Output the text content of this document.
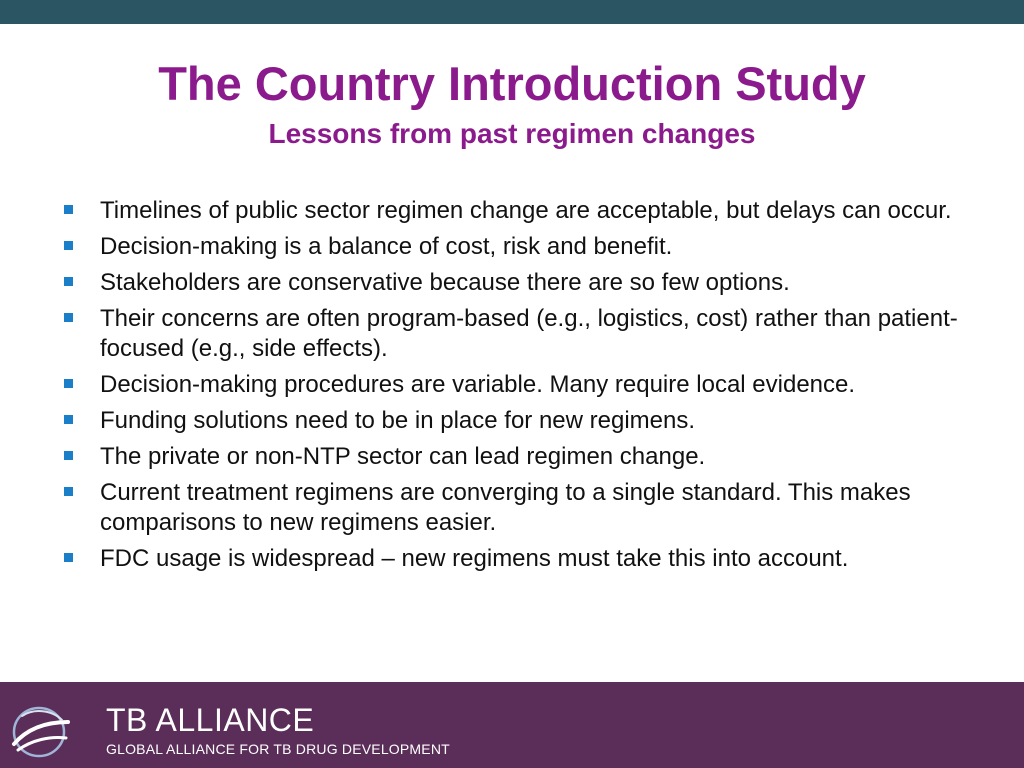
The Country Introduction Study
Lessons from past regimen changes
Timelines of public sector regimen change are acceptable, but delays can occur.
Decision-making is a balance of cost, risk and benefit.
Stakeholders are conservative because there are so few options.
Their concerns are often program-based (e.g., logistics, cost) rather than patient-focused (e.g., side effects).
Decision-making procedures are variable. Many require local evidence.
Funding solutions need to be in place for new regimens.
The private or non-NTP sector can lead regimen change.
Current treatment regimens are converging to a single standard. This makes comparisons to new regimens easier.
FDC usage is widespread – new regimens must take this into account.
TB ALLIANCE
GLOBAL ALLIANCE FOR TB DRUG DEVELOPMENT
